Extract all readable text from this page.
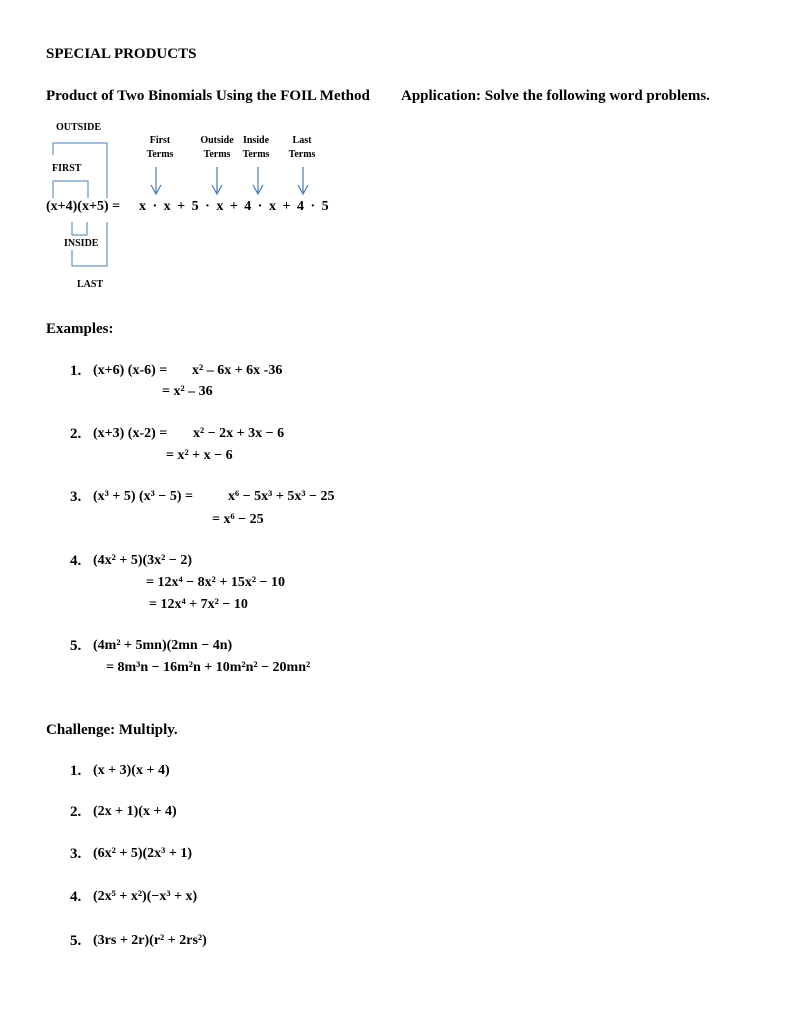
SPECIAL PRODUCTS
Product of Two Binomials Using the FOIL Method Application: Solve the following word problems.
OUTSIDE
FIRST
INSIDE
LAST
First
Terms
Outside
Terms
Inside
Terms
Last
Terms
(x+4)(x+5) = x · x + 5 · x + 4 · x + 4 · 5
Examples:
1. (x+6) (x-6) = x² – 6x + 6x -36
= x² – 36
2. (x+3) (x-2) = x² − 2x + 3x − 6
= x² + x − 6
3. (x³ + 5) (x³ − 5) =	x⁶ − 5x³ + 5x³ − 25
= x⁶ − 25
4. (4x² + 5)(3x² − 2)
= 12x⁴ − 8x² + 15x² − 10
= 12x⁴ + 7x² − 10
5. (4m² + 5mn)(2mn − 4n)
= 8m³n − 16m²n + 10m²n² − 20mn²
Challenge: Multiply.
1. (x + 3)(x + 4)
2. (2x + 1)(x + 4)
3. (6x² + 5)(2x³ + 1)
4. (2x⁵ + x²)(−x³ + x)
5. (3rs + 2r)(r² + 2rs²)
